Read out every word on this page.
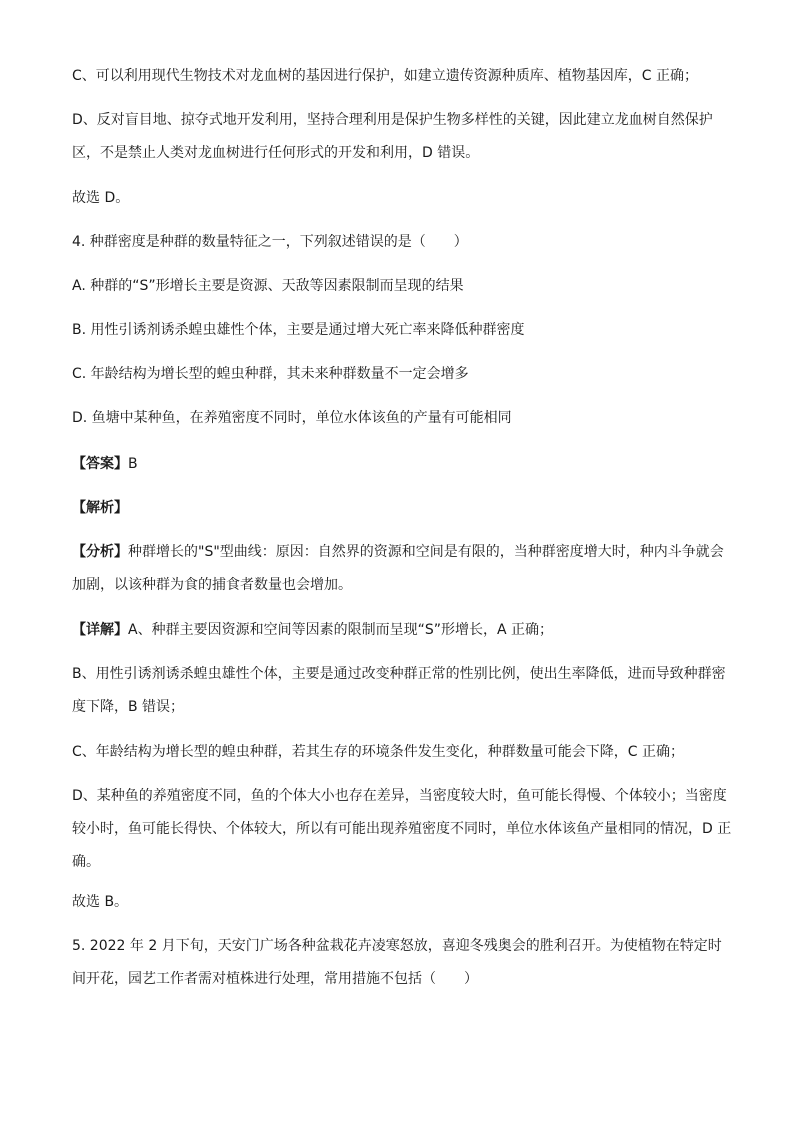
C、可以利用现代生物技术对龙血树的基因进行保护，如建立遗传资源种质库、植物基因库，C 正确；

D、反对盲目地、掠夺式地开发利用，坚持合理利用是保护生物多样性的关键，因此建立龙血树自然保护区，不是禁止人类对龙血树进行任何形式的开发和利用，D 错误。

故选 D。

4. 种群密度是种群的数量特征之一，下列叙述错误的是（　　）

A. 种群的“S”形增长主要是资源、天敌等因素限制而呈现的结果

B. 用性引诱剂诱杀蝗虫雄性个体，主要是通过增大死亡率来降低种群密度

C. 年龄结构为增长型的蝗虫种群，其未来种群数量不一定会增多

D. 鱼塘中某种鱼，在养殖密度不同时，单位水体该鱼的产量有可能相同

【答案】B

【解析】

【分析】种群增长的"S"型曲线：原因：自然界的资源和空间是有限的，当种群密度增大时，种内斗争就会加剧，以该种群为食的捕食者数量也会增加。

【详解】A、种群主要因资源和空间等因素的限制而呈现“S”形增长，A 正确；

B、用性引诱剂诱杀蝗虫雄性个体，主要是通过改变种群正常的性别比例，使出生率降低，进而导致种群密度下降，B 错误；

C、年龄结构为增长型的蝗虫种群，若其生存的环境条件发生变化，种群数量可能会下降，C 正确；

D、某种鱼的养殖密度不同，鱼的个体大小也存在差异，当密度较大时，鱼可能长得慢、个体较小；当密度较小时，鱼可能长得快、个体较大，所以有可能出现养殖密度不同时，单位水体该鱼产量相同的情况，D 正确。

故选 B。

5. 2022 年 2 月下旬，天安门广场各种盆栽花卉凌寒怒放，喜迎冬残奥会的胜利召开。为使植物在特定时间开花，园艺工作者需对植株进行处理，常用措施不包括（　　）
